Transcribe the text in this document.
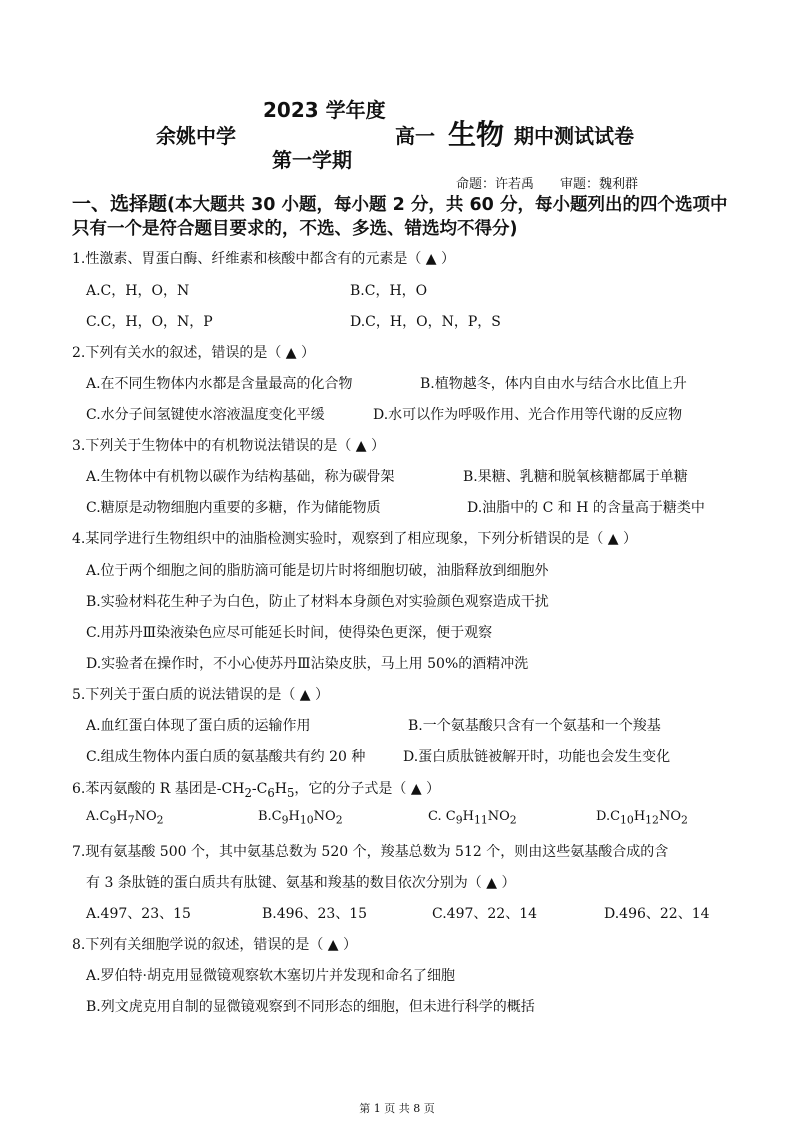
2023 学年度
余姚中学	高一 生物 期中测试试卷
第一学期
命题：许若禹 审题：魏利群
一、选择题(本大题共 30 小题，每小题 2 分，共 60 分，每小题列出的四个选项中只有一个是符合题目要求的，不选、多选、错选均不得分)
1.性激素、胃蛋白酶、纤维素和核酸中都含有的元素是（ ▲ ）
A.C，H，O，N	B.C，H，O
C.C，H，O，N，P	D.C，H，O，N，P，S
2.下列有关水的叙述，错误的是（ ▲ ）
A.在不同生物体内水都是含量最高的化合物	B.植物越冬，体内自由水与结合水比值上升
C.水分子间氢键使水溶液温度变化平缓	D.水可以作为呼吸作用、光合作用等代谢的反应物
3.下列关于生物体中的有机物说法错误的是（ ▲ ）
A.生物体中有机物以碳作为结构基础，称为碳骨架	B.果糖、乳糖和脱氧核糖都属于单糖
C.糖原是动物细胞内重要的多糖，作为储能物质	D.油脂中的 C 和 H 的含量高于糖类中
4.某同学进行生物组织中的油脂检测实验时，观察到了相应现象，下列分析错误的是（ ▲ ）
A.位于两个细胞之间的脂肪滴可能是切片时将细胞切破，油脂释放到细胞外
B.实验材料花生种子为白色，防止了材料本身颜色对实验颜色观察造成干扰
C.用苏丹Ⅲ染液染色应尽可能延长时间，使得染色更深，便于观察
D.实验者在操作时，不小心使苏丹Ⅲ沾染皮肤，马上用 50%的酒精冲洗
5.下列关于蛋白质的说法错误的是（ ▲ ）
A.血红蛋白体现了蛋白质的运输作用	B.一个氨基酸只含有一个氨基和一个羧基
C.组成生物体内蛋白质的氨基酸共有约 20 种	D.蛋白质肽链被解开时，功能也会发生变化
6.苯丙氨酸的 R 基团是$-CH_2-C_6H_5$，它的分子式是（ ▲ ）
$A.C_9H_7NO_2$	$B.C_9H_{10}NO_2$	C. $C_9H_{11}NO_2$	$D.C_{10}H_{12}NO_2$
7.现有氨基酸 500 个，其中氨基总数为 520 个，羧基总数为 512 个，则由这些氨基酸合成的含
有 3 条肽链的蛋白质共有肽键、氨基和羧基的数目依次分别为（ ▲ ）
A.497、23、15	B.496、23、15	C.497、22、14	D.496、22、14
8.下列有关细胞学说的叙述，错误的是（ ▲ ）
A.罗伯特·胡克用显微镜观察软木塞切片并发现和命名了细胞
B.列文虎克用自制的显微镜观察到不同形态的细胞，但未进行科学的概括
第 1 页 共 8 页
